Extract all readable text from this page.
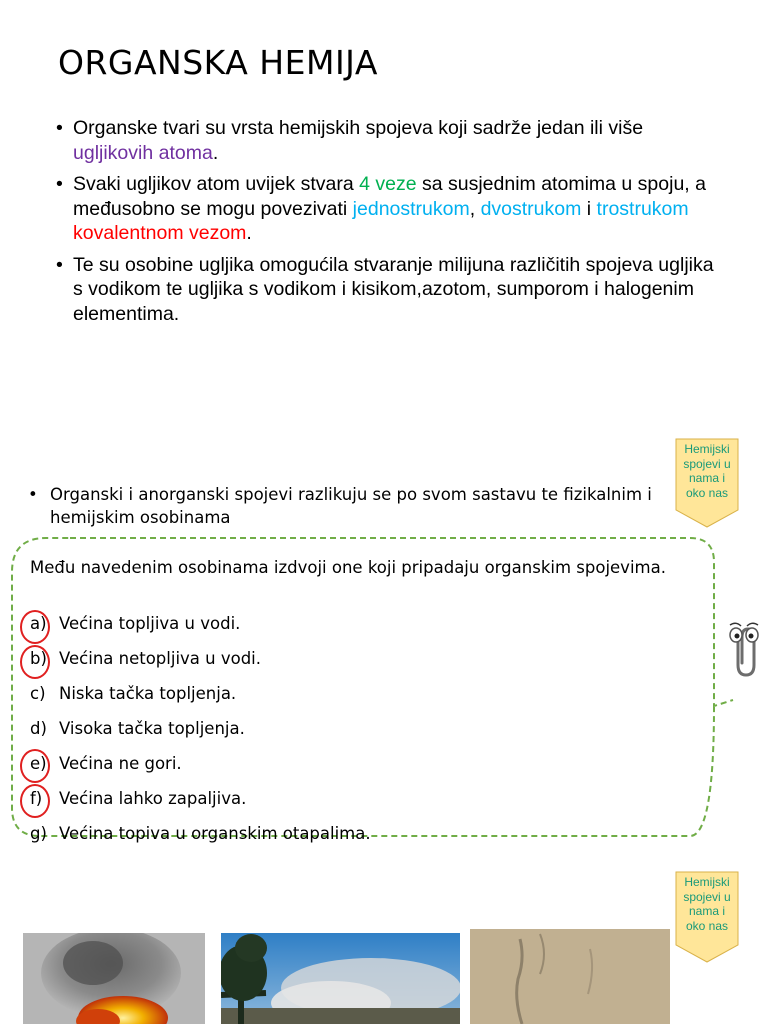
ORGANSKA HEMIJA
• Organske tvari su vrsta hemijskih spojeva koji sadrže jedan ili više ugljikovih atoma.
• Svaki ugljikov atom uvijek stvara 4 veze sa susjednim atomima u spoju, a međusobno se mogu povezivati jednostrukom, dvostrukom i trostrukom kovalentnom vezom.
• Te su osobine ugljika omogućila stvaranje milijuna različitih spojeva ugljika s vodikom te ugljika s vodikom i kisikom,azotom, sumporom i halogenim elementima.
Hemijski
spojevi u
nama i
oko nas
• Organski i anorganski spojevi razlikuju se po svom sastavu te fizikalnim i hemijskim osobinama
Među navedenim osobinama izdvoji one koji pripadaju organskim spojevima.
a) Većina topljiva u vodi.
b) Većina netopljiva u vodi.
c) Niska tačka topljenja.
d) Visoka tačka topljenja.
e) Većina ne gori.
f) Većina lahko zapaljiva.
g) Većina topiva u organskim otapalima.
Hemijski
spojevi u
nama i
oko nas
